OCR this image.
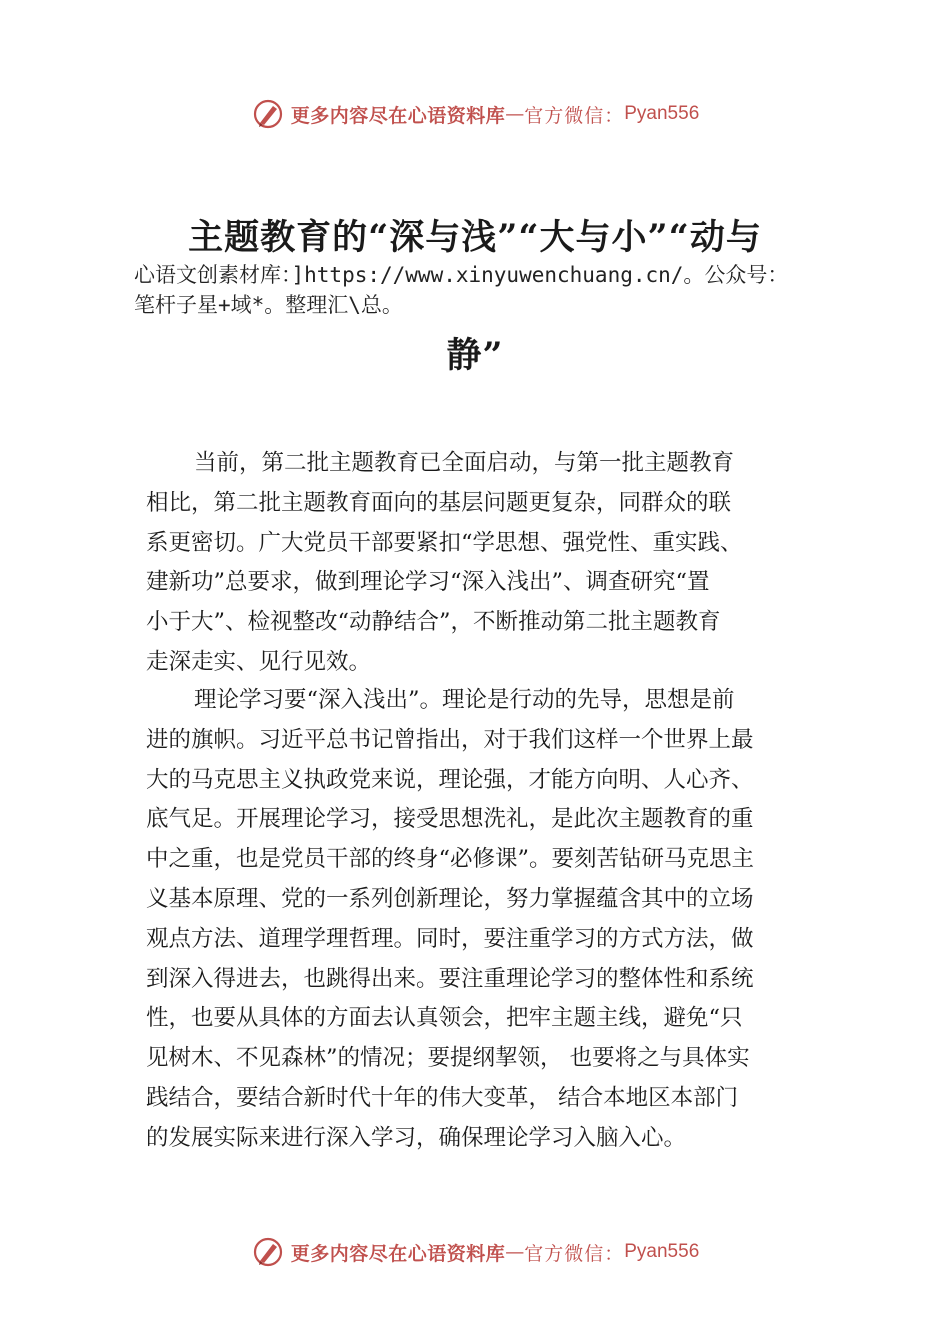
更多内容尽在心语资料库 — 官方微信： Pyan556
主题教育的“深与浅”“大与小”“动与
心语文创素材库：]https://www.xinyuwenchuang.cn/。公众号：
笔杆子星+域*。整理汇\总。
静”
当前，第二批主题教育已全面启动，与第一批主题教育
相比，第二批主题教育面向的基层问题更复杂，同群众的联
系更密切。广大党员干部要紧扣“学思想、强党性、重实践、
建新功”总要求，做到理论学习“深入浅出”、调查研究“置
小于大”、检视整改“动静结合”，不断推动第二批主题教育
走深走实、见行见效。
理论学习要“深入浅出”。理论是行动的先导，思想是前
进的旗帜。习近平总书记曾指出，对于我们这样一个世界上最
大的马克思主义执政党来说，理论强，才能方向明、人心齐、
底气足。开展理论学习，接受思想洗礼，是此次主题教育的重
中之重，也是党员干部的终身“必修课”。要刻苦钻研马克思主
义基本原理、党的一系列创新理论，努力掌握蕴含其中的立场
观点方法、道理学理哲理。同时，要注重学习的方式方法，做
到深入得进去，也跳得出来。要注重理论学习的整体性和系统
性，也要从具体的方面去认真领会，把牢主题主线，避免“只
见树木、不见森林”的情况；要提纲挈领， 也要将之与具体实
践结合，要结合新时代十年的伟大变革， 结合本地区本部门
的发展实际来进行深入学习，确保理论学习入脑入心。
更多内容尽在心语资料库 — 官方微信： Pyan556
